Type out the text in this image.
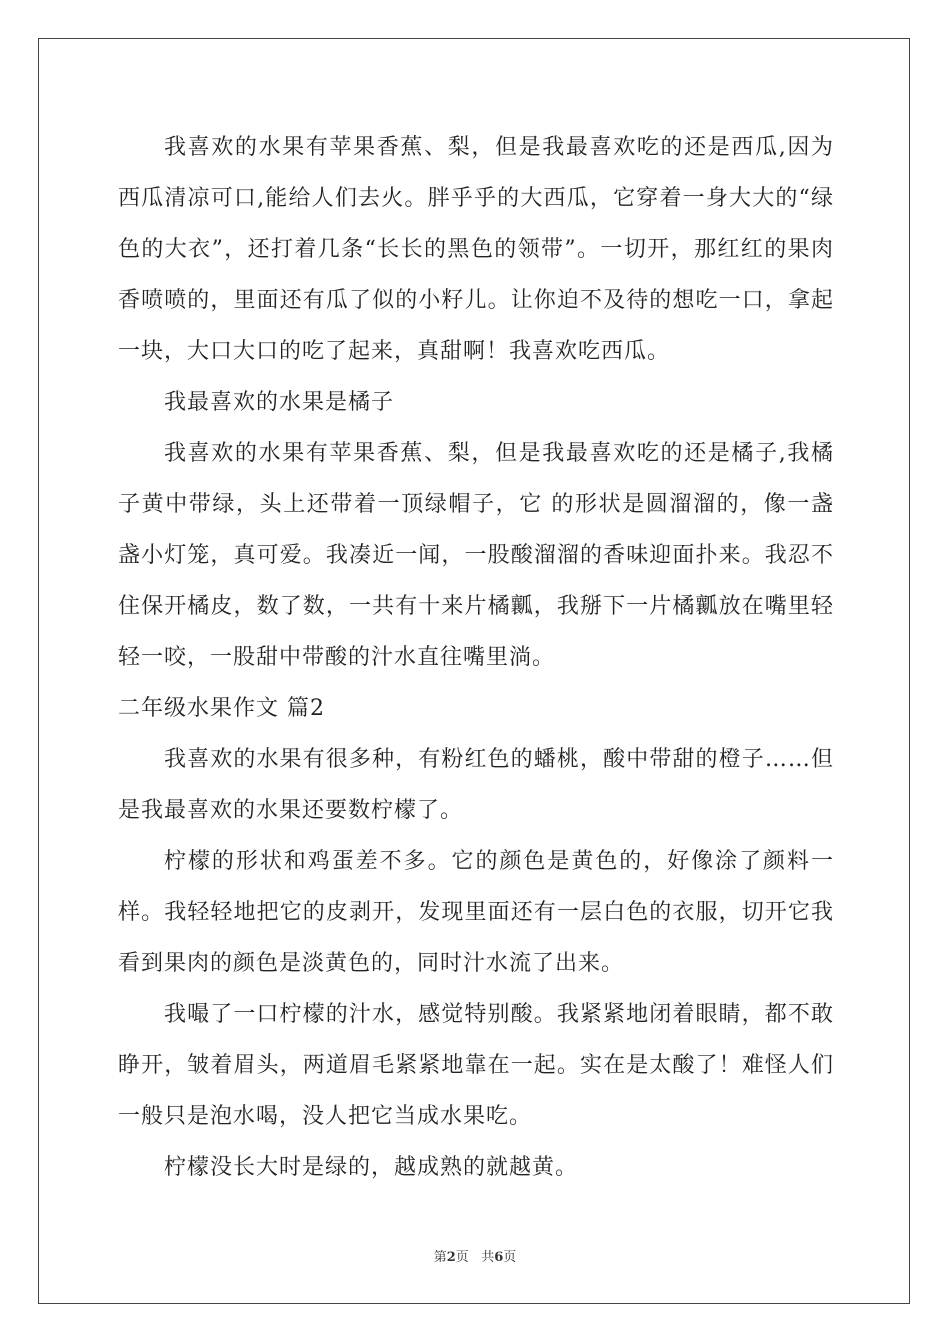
我喜欢的水果有苹果香蕉、梨，但是我最喜欢吃的还是西瓜,因为西瓜清凉可口,能给人们去火。胖乎乎的大西瓜，它穿着一身大大的“绿色的大衣”，还打着几条“长长的黑色的领带”。一切开，那红红的果肉香喷喷的，里面还有瓜了似的小籽儿。让你迫不及待的想吃一口，拿起一块，大口大口的吃了起来，真甜啊！我喜欢吃西瓜。

我最喜欢的水果是橘子

我喜欢的水果有苹果香蕉、梨，但是我最喜欢吃的还是橘子,我橘子黄中带绿，头上还带着一顶绿帽子，它 的形状是圆溜溜的，像一盏盏小灯笼，真可爱。我凑近一闻，一股酸溜溜的香味迎面扑来。我忍不住保开橘皮，数了数，一共有十来片橘瓤，我掰下一片橘瓤放在嘴里轻轻一咬，一股甜中带酸的汁水直往嘴里淌。

二年级水果作文 篇2

我喜欢的水果有很多种，有粉红色的蟠桃，酸中带甜的橙子……但是我最喜欢的水果还要数柠檬了。

柠檬的形状和鸡蛋差不多。它的颜色是黄色的，好像涂了颜料一样。我轻轻地把它的皮剥开，发现里面还有一层白色的衣服，切开它我看到果肉的颜色是淡黄色的，同时汁水流了出来。

我嘬了一口柠檬的汁水，感觉特别酸。我紧紧地闭着眼睛，都不敢睁开，皱着眉头，两道眉毛紧紧地靠在一起。实在是太酸了！难怪人们一般只是泡水喝，没人把它当成水果吃。

柠檬没长大时是绿的，越成熟的就越黄。

第2页 共6页
